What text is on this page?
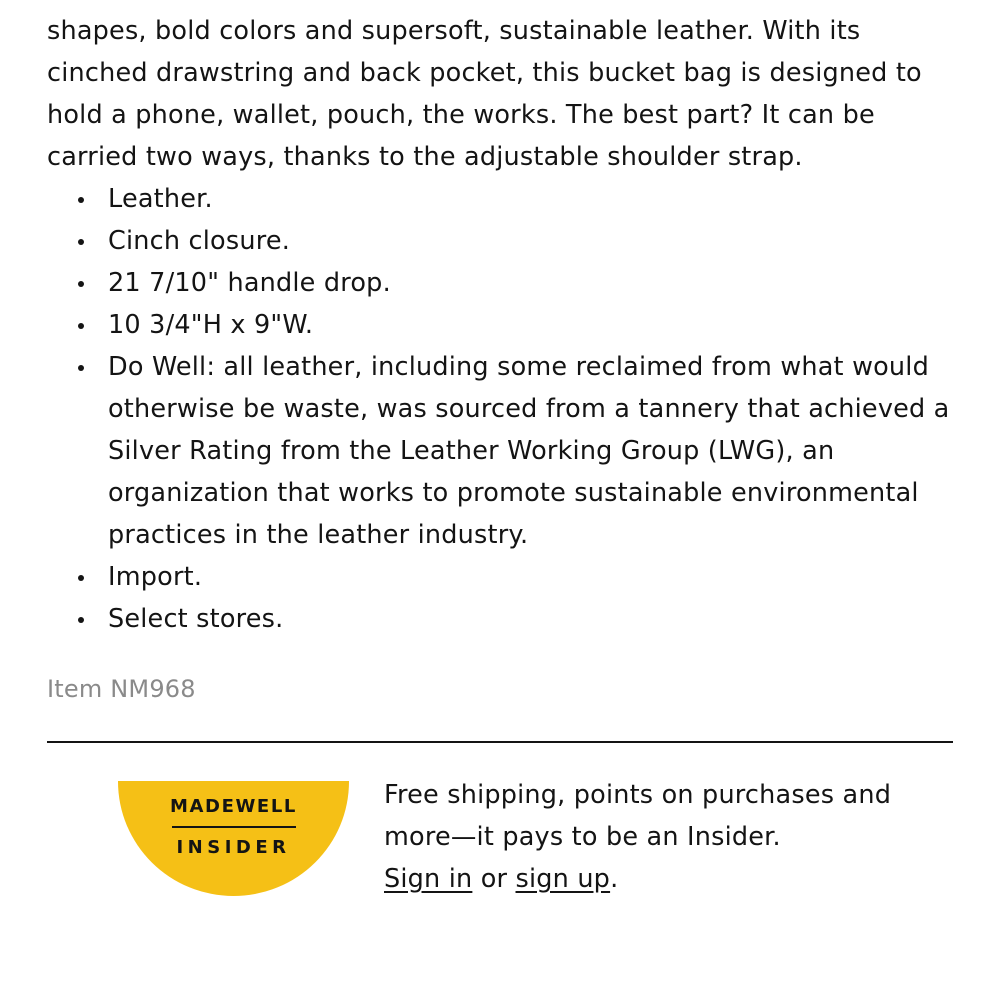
shapes, bold colors and supersoft, sustainable leather. With its cinched drawstring and back pocket, this bucket bag is designed to hold a phone, wallet, pouch, the works. The best part? It can be carried two ways, thanks to the adjustable shoulder strap.

Leather.
Cinch closure.
21 7/10" handle drop.
10 3/4"H x 9"W.
Do Well: all leather, including some reclaimed from what would otherwise be waste, was sourced from a tannery that achieved a Silver Rating from the Leather Working Group (LWG), an organization that works to promote sustainable environmental practices in the leather industry.
Import.
Select stores.
Item NM968
MADEWELL
INSIDER

Free shipping, points on purchases and more—it pays to be an Insider.
Sign in or sign up.
